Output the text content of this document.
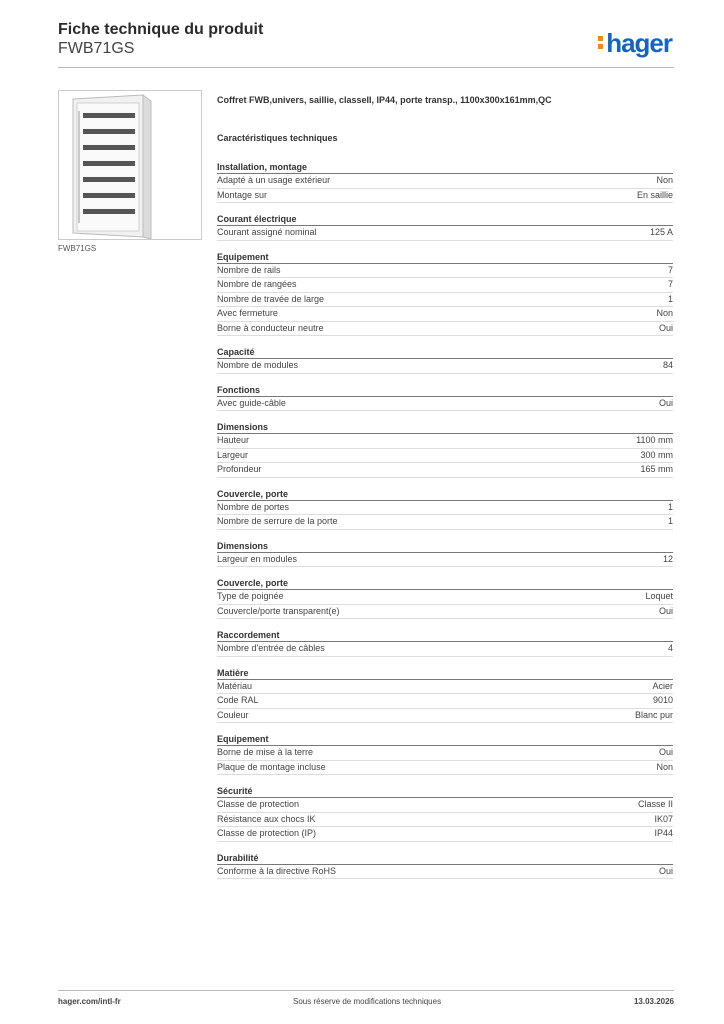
Fiche technique du produit
FWB71GS	hager
FWB71GS
Coffret FWB,univers, saillie, classeII, IP44, porte transp., 1100x300x161mm,QC
Caractéristiques techniques
Installation, montage
Adapté à un usage extérieur	Non
Montage sur	En saillie
Courant électrique
Courant assigné nominal	125 A
Equipement
Nombre de rails	7
Nombre de rangées	7
Nombre de travée de large	1
Avec fermeture	Non
Borne à conducteur neutre	Oui
Capacité
Nombre de modules	84
Fonctions
Avec guide-câble	Oui
Dimensions
Hauteur	1100 mm
Largeur	300 mm
Profondeur	165 mm
Couvercle, porte
Nombre de portes	1
Nombre de serrure de la porte	1
Dimensions
Largeur en modules	12
Couvercle, porte
Type de poignée	Loquet
Couvercle/porte transparent(e)	Oui
Raccordement
Nombre d'entrée de câbles	4
Matière
Matériau	Acier
Code RAL	9010
Couleur	Blanc pur
Equipement
Borne de mise à la terre	Oui
Plaque de montage incluse	Non
Sécurité
Classe de protection	Classe II
Résistance aux chocs IK	IK07
Classe de protection (IP)	IP44
Durabilité
Conforme à la directive RoHS	Oui
hager.com/intl-fr	Sous réserve de modifications techniques	13.03.2026
